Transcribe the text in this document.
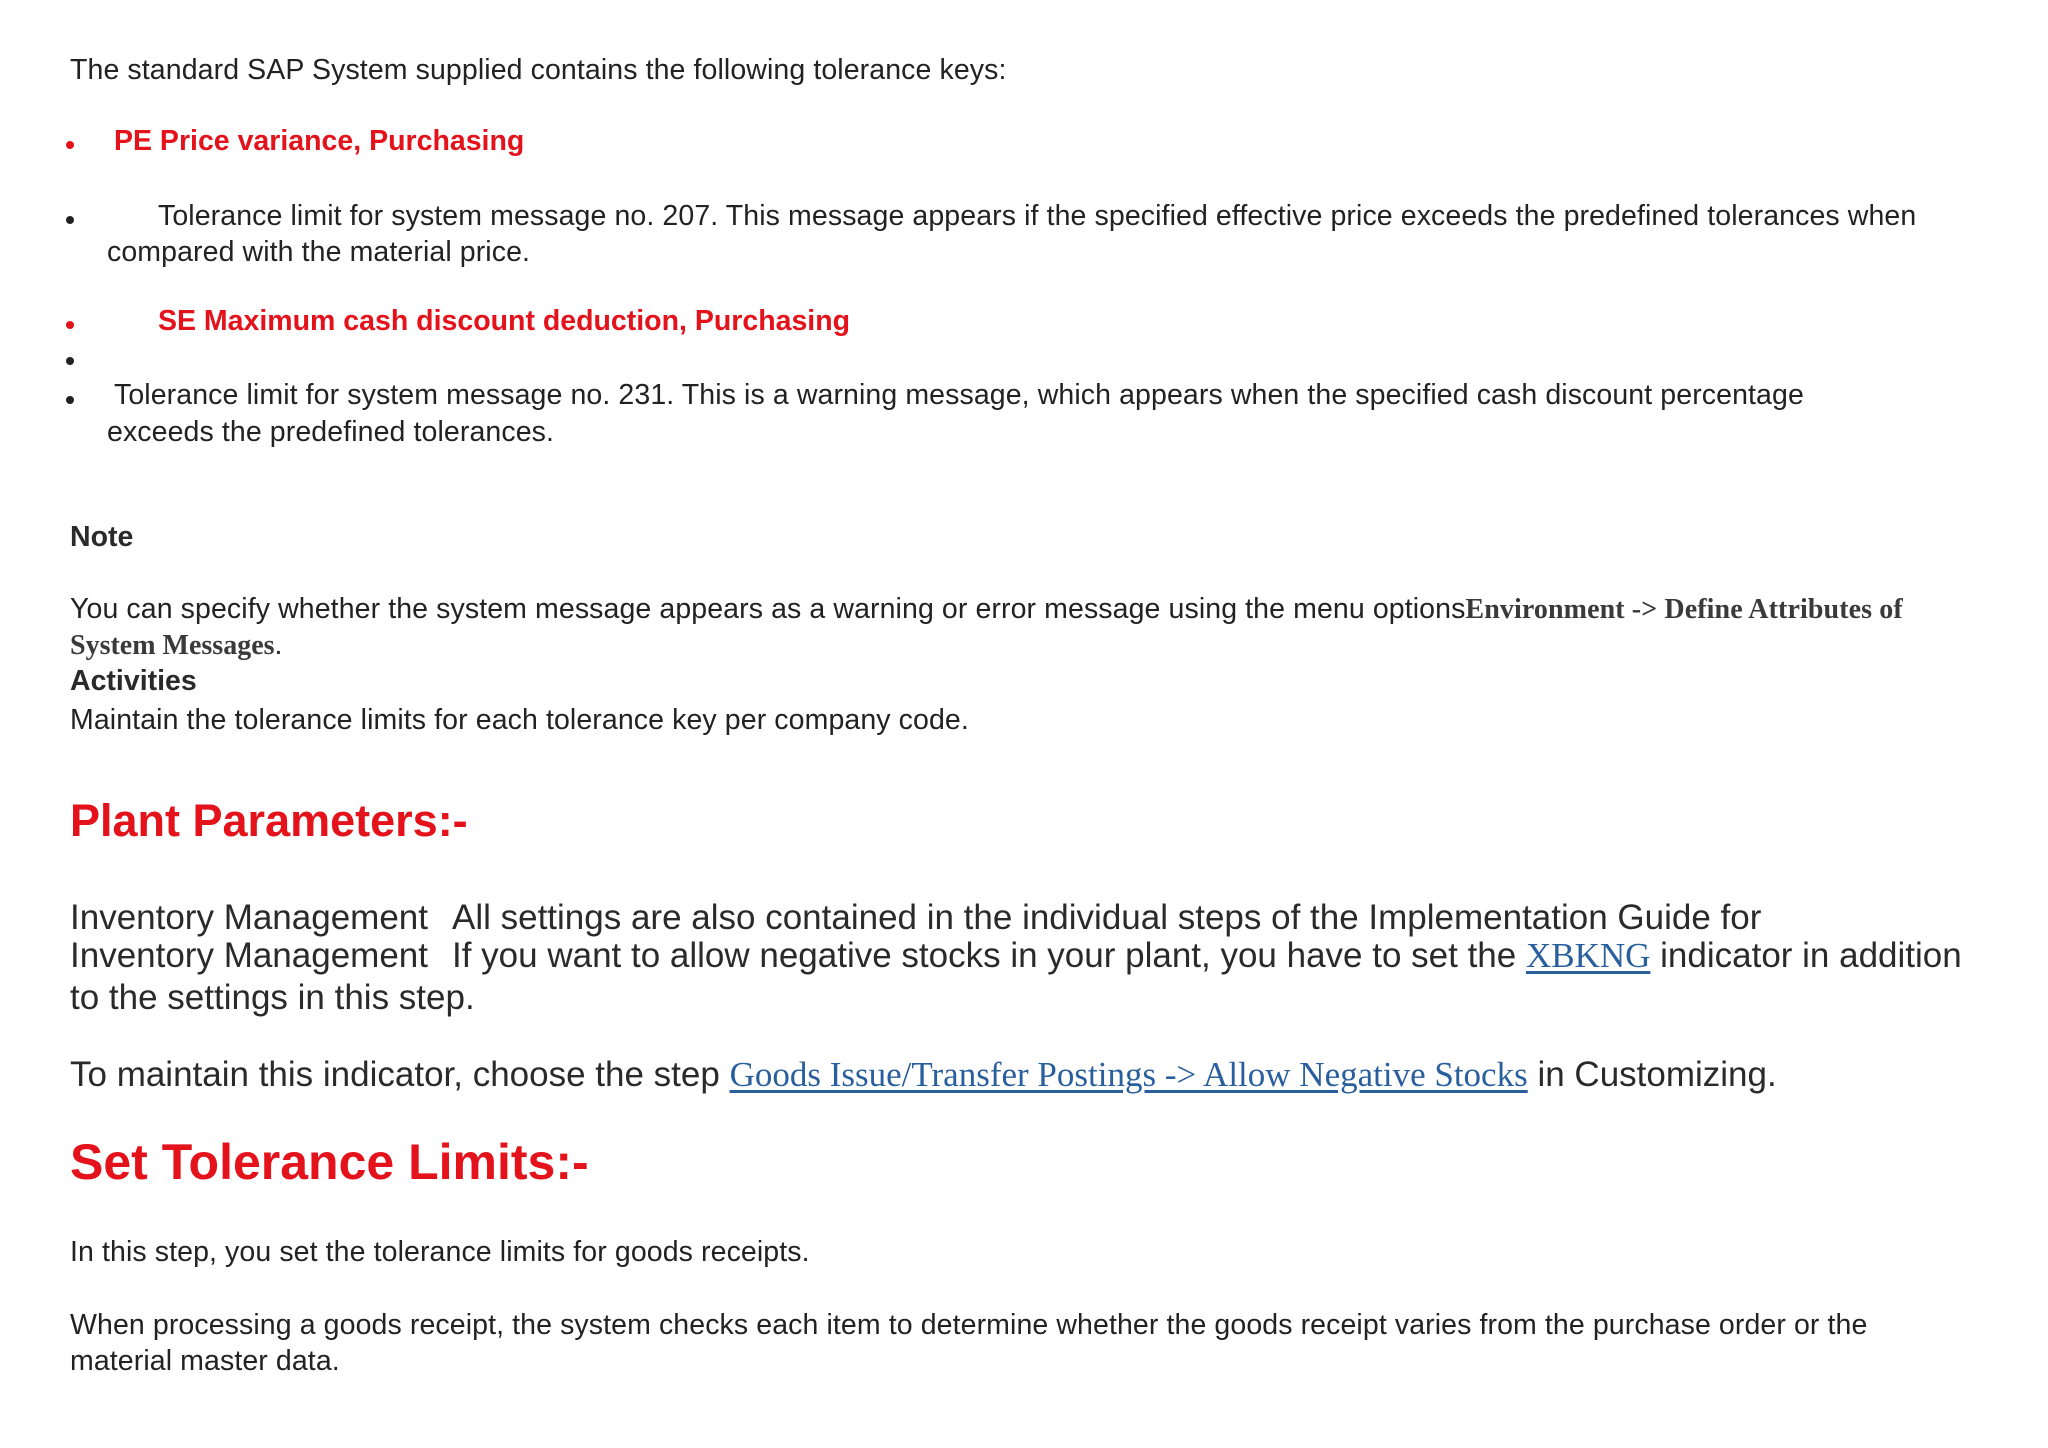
The standard SAP System supplied contains the following tolerance keys:
PE Price variance, Purchasing
Tolerance limit for system message no. 207. This message appears if the specified effective price exceeds the predefined tolerances when
compared with the material price.
SE Maximum cash discount deduction, Purchasing
Tolerance limit for system message no. 231. This is a warning message, which appears when the specified cash discount percentage
exceeds the predefined tolerances.
Note
You can specify whether the system message appears as a warning or error message using the menu optionsEnvironment -> Define Attributes of
System Messages.
Activities
Maintain the tolerance limits for each tolerance key per company code.
Plant Parameters:-
Inventory Management All settings are also contained in the individual steps of the Implementation Guide for
Inventory Management If you want to allow negative stocks in your plant, you have to set the XBKNG indicator in addition
to the settings in this step.
To maintain this indicator, choose the step Goods Issue/Transfer Postings -> Allow Negative Stocks in Customizing.
Set Tolerance Limits:-
In this step, you set the tolerance limits for goods receipts.
When processing a goods receipt, the system checks each item to determine whether the goods receipt varies from the purchase order or the
material master data.
